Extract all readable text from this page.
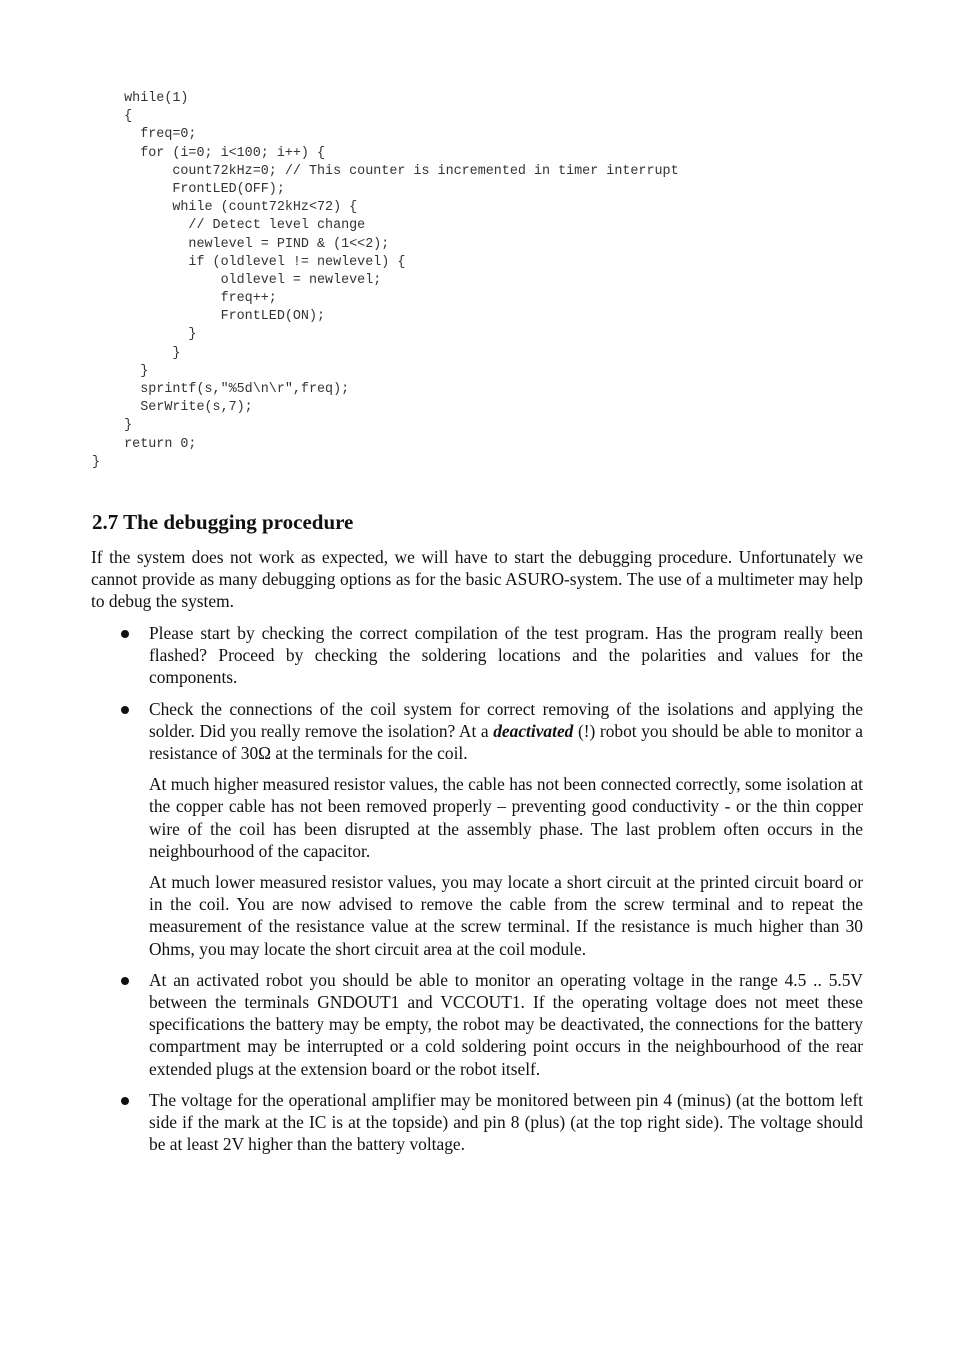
while(1)
{
freq=0;
for (i=0; i<100; i++) {
count72kHz=0; // This counter is incremented in timer interrupt
FrontLED(OFF);
while (count72kHz<72) {
// Detect level change
newlevel = PIND & (1<<2);
if (oldlevel != newlevel) {
oldlevel = newlevel;
freq++;
FrontLED(ON);
}
}
}
sprintf(s,"%5d\n\r",freq);
SerWrite(s,7);
}
return 0;
}
2.7 The debugging procedure

If the system does not work as expected, we will have to start the debugging procedure. Unfortunately we cannot provide as many debugging options as for the basic ASURO-system. The use of a multimeter may help to debug the system.

Please start by checking the correct compilation of the test program. Has the program really been flashed? Proceed by checking the soldering locations and the polarities and values for the components.

Check the connections of the coil system for correct removing of the isolations and applying the solder. Did you really remove the isolation? At a deactivated (!) robot you should be able to monitor a resistance of 30Ω at the terminals for the coil.

At much higher measured resistor values, the cable has not been connected correctly, some isolation at the copper cable has not been removed properly – preventing good conductivity - or the thin copper wire of the coil has been disrupted at the assembly phase. The last problem often occurs in the neighbourhood of the capacitor.

At much lower measured resistor values, you may locate a short circuit at the printed circuit board or in the coil. You are now advised to remove the cable from the screw terminal and to repeat the measurement of the resistance value at the screw terminal. If the resistance is much higher than 30 Ohms, you may locate the short circuit area at the coil module.

At an activated robot you should be able to monitor an operating voltage in the range 4.5 .. 5.5V between the terminals GNDOUT1 and VCCOUT1. If the operating voltage does not meet these specifications the battery may be empty, the robot may be deactivated, the connections for the battery compartment may be interrupted or a cold soldering point occurs in the neighbourhood of the rear extended plugs at the extension board or the robot itself.

The voltage for the operational amplifier may be monitored between pin 4 (minus) (at the bottom left side if the mark at the IC is at the topside) and pin 8 (plus) (at the top right side). The voltage should be at least 2V higher than the battery voltage.
